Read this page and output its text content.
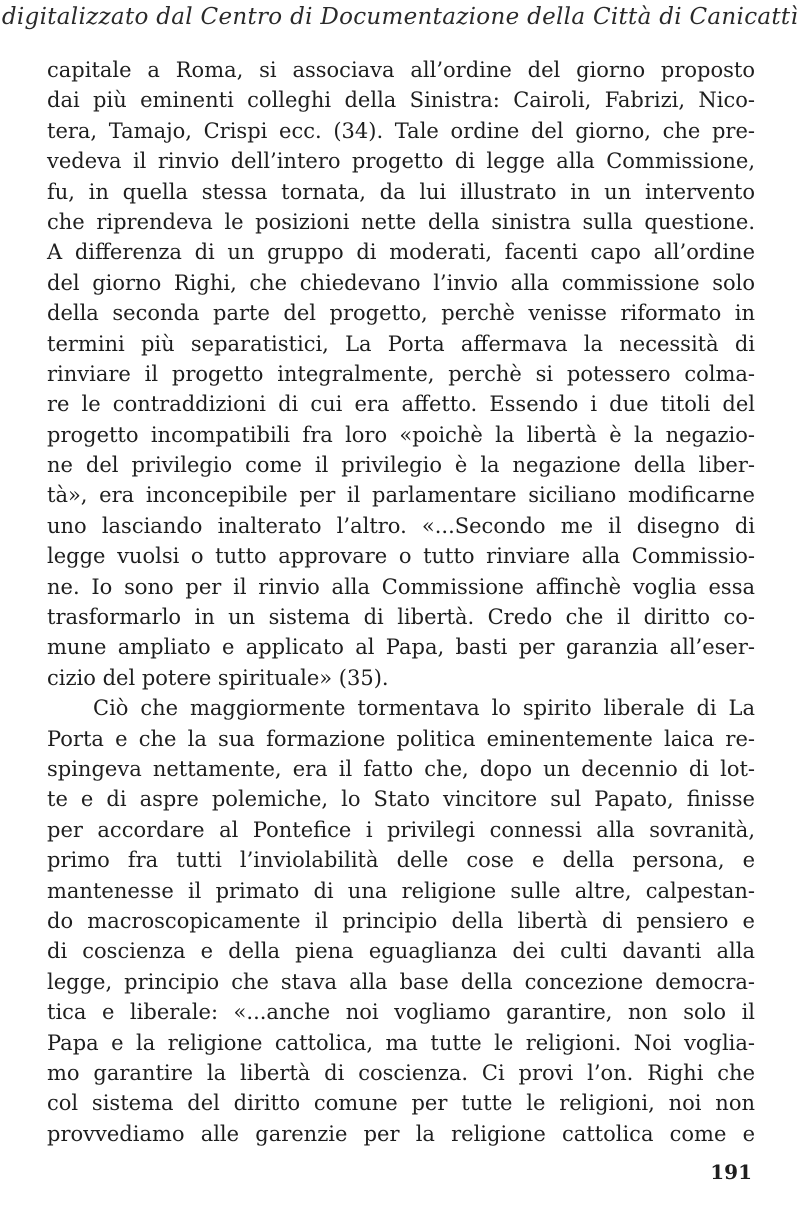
digitalizzato dal Centro di Documentazione della Città di Canicattì
capitale a Roma, si associava all’ordine del giorno proposto
dai più eminenti colleghi della Sinistra: Cairoli, Fabrizi, Nico-
tera, Tamajo, Crispi ecc. (34). Tale ordine del giorno, che pre-
vedeva il rinvio dell’intero progetto di legge alla Commissione,
fu, in quella stessa tornata, da lui illustrato in un intervento
che riprendeva le posizioni nette della sinistra sulla questione.
A differenza di un gruppo di moderati, facenti capo all’ordine
del giorno Righi, che chiedevano l’invio alla commissione solo
della seconda parte del progetto, perchè venisse riformato in
termini più separatistici, La Porta affermava la necessità di
rinviare il progetto integralmente, perchè si potessero colma-
re le contraddizioni di cui era affetto. Essendo i due titoli del
progetto incompatibili fra loro «poichè la libertà è la negazio-
ne del privilegio come il privilegio è la negazione della liber-
tà», era inconcepibile per il parlamentare siciliano modificarne
uno lasciando inalterato l’altro. «...Secondo me il disegno di
legge vuolsi o tutto approvare o tutto rinviare alla Commissio-
ne. Io sono per il rinvio alla Commissione affinchè voglia essa
trasformarlo in un sistema di libertà. Credo che il diritto co-
mune ampliato e applicato al Papa, basti per garanzia all’eser-
cizio del potere spirituale» (35).
Ciò che maggiormente tormentava lo spirito liberale di La
Porta e che la sua formazione politica eminentemente laica re-
spingeva nettamente, era il fatto che, dopo un decennio di lot-
te e di aspre polemiche, lo Stato vincitore sul Papato, finisse
per accordare al Pontefice i privilegi connessi alla sovranità,
primo fra tutti l’inviolabilità delle cose e della persona, e
mantenesse il primato di una religione sulle altre, calpestan-
do macroscopicamente il principio della libertà di pensiero e
di coscienza e della piena eguaglianza dei culti davanti alla
legge, principio che stava alla base della concezione democra-
tica e liberale: «...anche noi vogliamo garantire, non solo il
Papa e la religione cattolica, ma tutte le religioni. Noi voglia-
mo garantire la libertà di coscienza. Ci provi l’on. Righi che
col sistema del diritto comune per tutte le religioni, noi non
provvediamo alle garenzie per la religione cattolica come e
191
